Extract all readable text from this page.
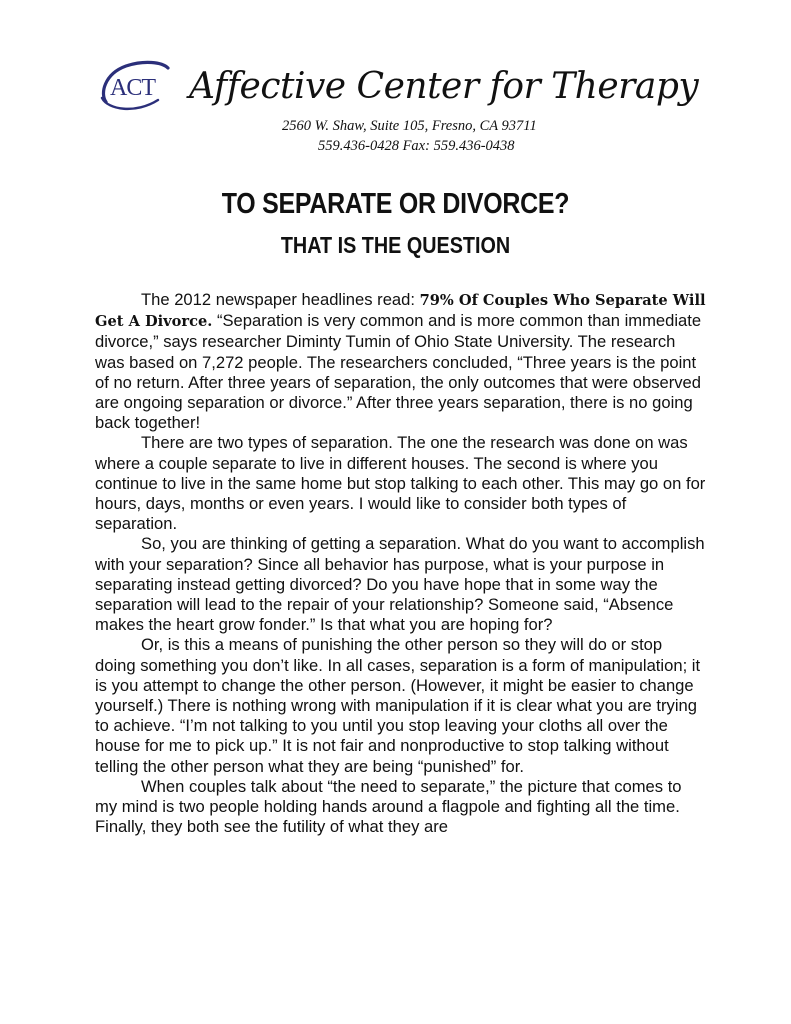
ACT Affective Center for Therapy
2560 W. Shaw, Suite 105, Fresno, CA 93711
559.436-0428 Fax: 559.436-0438
TO SEPARATE OR DIVORCE?
THAT IS THE QUESTION

The 2012 newspaper headlines read: 79% Of Couples Who Separate Will Get A Divorce. “Separation is very common and is more common than immediate divorce,” says researcher Diminty Tumin of Ohio State University. The research was based on 7,272 people. The researchers concluded, “Three years is the point of no return. After three years of separation, the only outcomes that were observed are ongoing separation or divorce.” After three years separation, there is no going back together!

There are two types of separation. The one the research was done on was where a couple separate to live in different houses. The second is where you continue to live in the same home but stop talking to each other. This may go on for hours, days, months or even years. I would like to consider both types of separation.

So, you are thinking of getting a separation. What do you want to accomplish with your separation? Since all behavior has purpose, what is your purpose in separating instead getting divorced? Do you have hope that in some way the separation will lead to the repair of your relationship? Someone said, “Absence makes the heart grow fonder.” Is that what you are hoping for?

Or, is this a means of punishing the other person so they will do or stop doing something you don’t like. In all cases, separation is a form of manipulation; it is you attempt to change the other person. (However, it might be easier to change yourself.) There is nothing wrong with manipulation if it is clear what you are trying to achieve. “I’m not talking to you until you stop leaving your cloths all over the house for me to pick up.” It is not fair and nonproductive to stop talking without telling the other person what they are being “punished” for.

When couples talk about “the need to separate,” the picture that comes to my mind is two people holding hands around a flagpole and fighting all the time. Finally, they both see the futility of what they are
